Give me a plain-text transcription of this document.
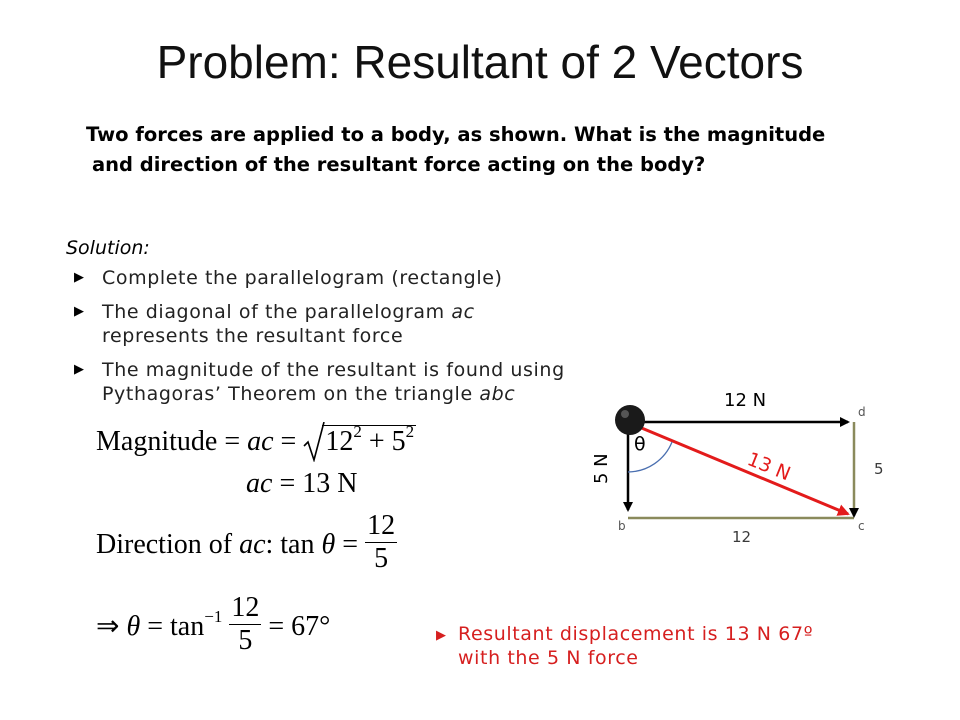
Problem: Resultant of 2 Vectors
Two forces are applied to a body, as shown. What is the magnitude and direction of the resultant force acting on the body?
Solution:
▶ Complete the parallelogram (rectangle)
▶ The diagonal of the parallelogram ac
represents the resultant force
▶ The magnitude of the resultant is found using
Pythagoras’ Theorem on the triangle abc
Magnitude = ac = $12^2 + 5^2$
ac = 13 N
Direction of ac: $\tan \theta = \frac{12}{5}$
⇒ $\theta = \tan^{-1} \frac{12}{5} = 67^\circ$
12 N
5 N	13 N
θ
12
5
b	c
d
▶ Resultant displacement is 13 N 67º
with the 5 N force
